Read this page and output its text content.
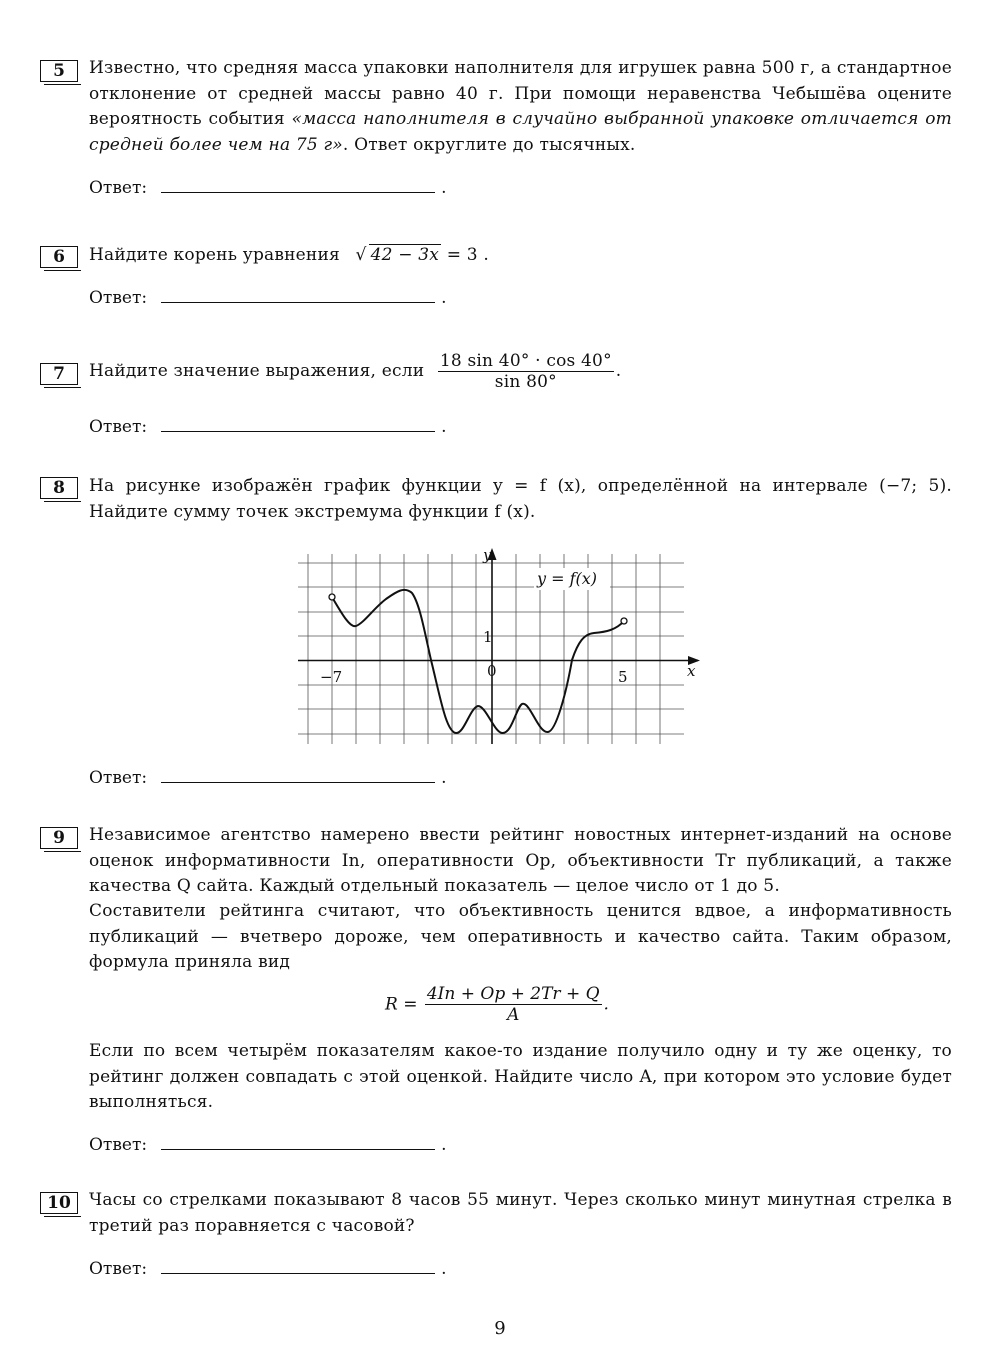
5	Известно, что средняя масса упаковки наполнителя для игрушек равна 500 г, а стандартное отклонение от средней массы равно 40 г. При помощи неравенства Чебышёва оцените вероятность события «масса наполнителя в случайно выбранной упаковке отличается от средней более чем на 75 г». Ответ округлите до тысячных.
Ответ:	.
6	Найдите корень уравнения √ 42 − 3x = 3 .
Ответ:	.
7	Найдите значение выражения, если $\frac{18 \sin 40^\circ \cdot \cos 40^\circ}{\sin 80^\circ}$ .
Ответ:	.
8	На рисунке изображён график функции y = f (x), определённой на интервале (−7; 5). Найдите сумму точек экстремума функции f (x).
Ответ:	.
y = f(x)
y
x
−7	0	5
1
9	Независимое агентство намерено ввести рейтинг новостных интернет-изданий на основе оценок информативности In, оперативности Op, объективности Tr публикаций, а также качества Q сайта. Каждый отдельный показатель — целое число от 1 до 5.
Составители рейтинга считают, что объективность ценится вдвое, а информативность публикаций — вчетверо дороже, чем оперативность и качество сайта. Таким образом, формула приняла вид
$R = \frac{4In + Op + 2Tr + Q}{A}$ .
Если по всем четырём показателям какое-то издание получило одну и ту же оценку, то рейтинг должен совпадать с этой оценкой. Найдите число A, при котором это условие будет выполняться.
Ответ:	.
10	Часы со стрелками показывают 8 часов 55 минут. Через сколько минут минутная стрелка в третий раз поравняется с часовой?
Ответ:	.
9
